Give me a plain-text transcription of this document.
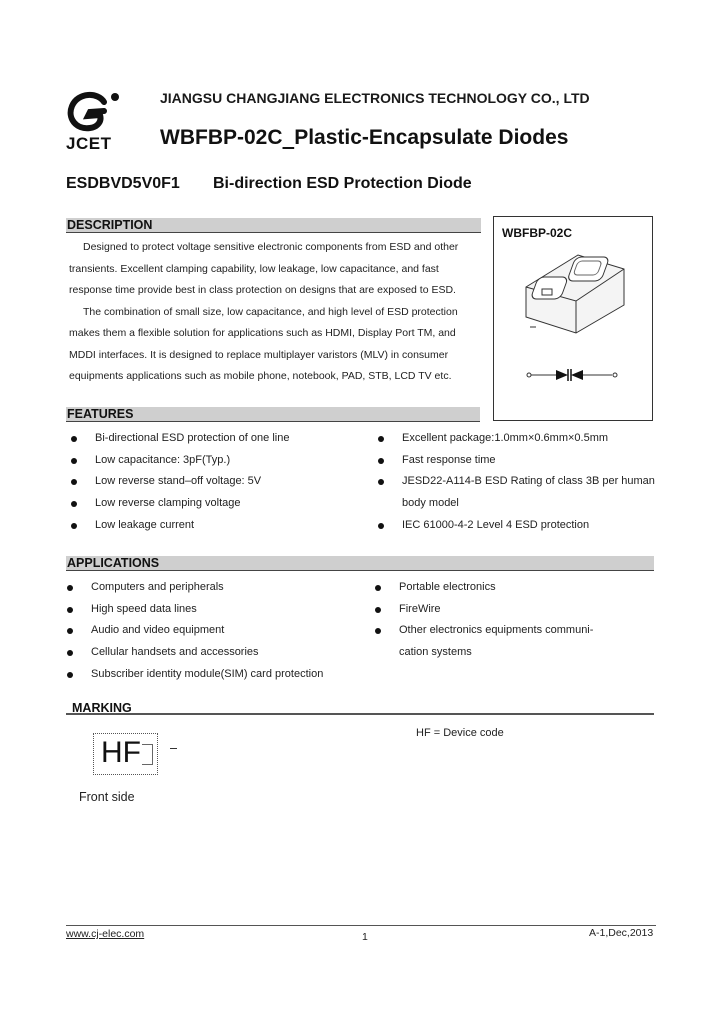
JCET
JIANGSU CHANGJIANG ELECTRONICS TECHNOLOGY CO., LTD
WBFBP-02C Plastic-Encapsulate Diodes
ESDBVD5V0F1 Bi-direction ESD Protection Diode
DESCRIPTION

Designed to protect voltage sensitive electronic components from ESD and other

transients. Excellent clamping capability, low leakage, low capacitance, and fast

response time provide best in class protection on designs that are exposed to ESD.

The combination of small size, low capacitance, and high level of ESD protection

makes them a flexible solution for applications such as HDMI, Display Port TM, and

MDDI interfaces. It is designed to replace multiplayer varistors (MLV) in consumer

equipments applications such as mobile phone, notebook, PAD, STB, LCD TV etc.

WBFBP-02C
FEATURES
Bi-directional ESD protection of one line
Low capacitance: 3pF(Typ.)
Low reverse stand–off voltage: 5V
Low reverse clamping voltage
Low leakage current
Excellent package:1.0mm×0.6mm×0.5mm
Fast response time
JESD22-A114-B ESD Rating of class 3B per human
body model
IEC 61000-4-2 Level 4 ESD protection
APPLICATIONS
Computers and peripherals
High speed data lines
Audio and video equipment
Cellular handsets and accessories
Subscriber identity module(SIM) card protection
Portable electronics
FireWire
Other electronics equipments communi-
cation systems
MARKING
HF
Front side
HF = Device code
www.cj-elec.com	1	A-1,Dec,2013
